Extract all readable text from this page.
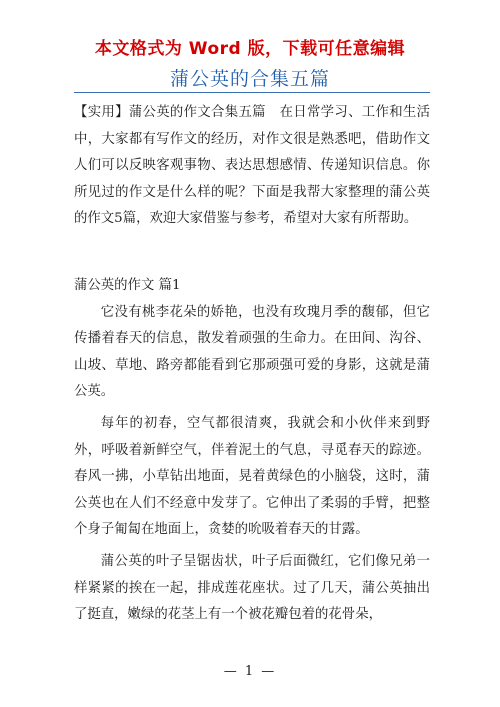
本文格式为 Word 版，下载可任意编辑
蒲公英的合集五篇

【实用】蒲公英的作文合集五篇　在日常学习、工作和生活中，大家都有写作文的经历，对作文很是熟悉吧，借助作文人们可以反映客观事物、表达思想感情、传递知识信息。你所见过的作文是什么样的呢？下面是我帮大家整理的蒲公英的作文5篇，欢迎大家借鉴与参考，希望对大家有所帮助。

蒲公英的作文 篇1

它没有桃李花朵的娇艳，也没有玫瑰月季的馥郁，但它传播着春天的信息，散发着顽强的生命力。在田间、沟谷、山坡、草地、路旁都能看到它那顽强可爱的身影，这就是蒲公英。

每年的初春，空气都很清爽，我就会和小伙伴来到野外，呼吸着新鲜空气，伴着泥土的气息，寻觅春天的踪迹。春风一拂，小草钻出地面，晃着黄绿色的小脑袋，这时，蒲公英也在人们不经意中发芽了。它伸出了柔弱的手臂，把整个身子匍匐在地面上，贪婪的吮吸着春天的甘露。

蒲公英的叶子呈锯齿状，叶子后面微红，它们像兄弟一样紧紧的挨在一起，排成莲花座状。过了几天，蒲公英抽出了挺直，嫩绿的花茎上有一个被花瓣包着的花骨朵，

— 1 —
